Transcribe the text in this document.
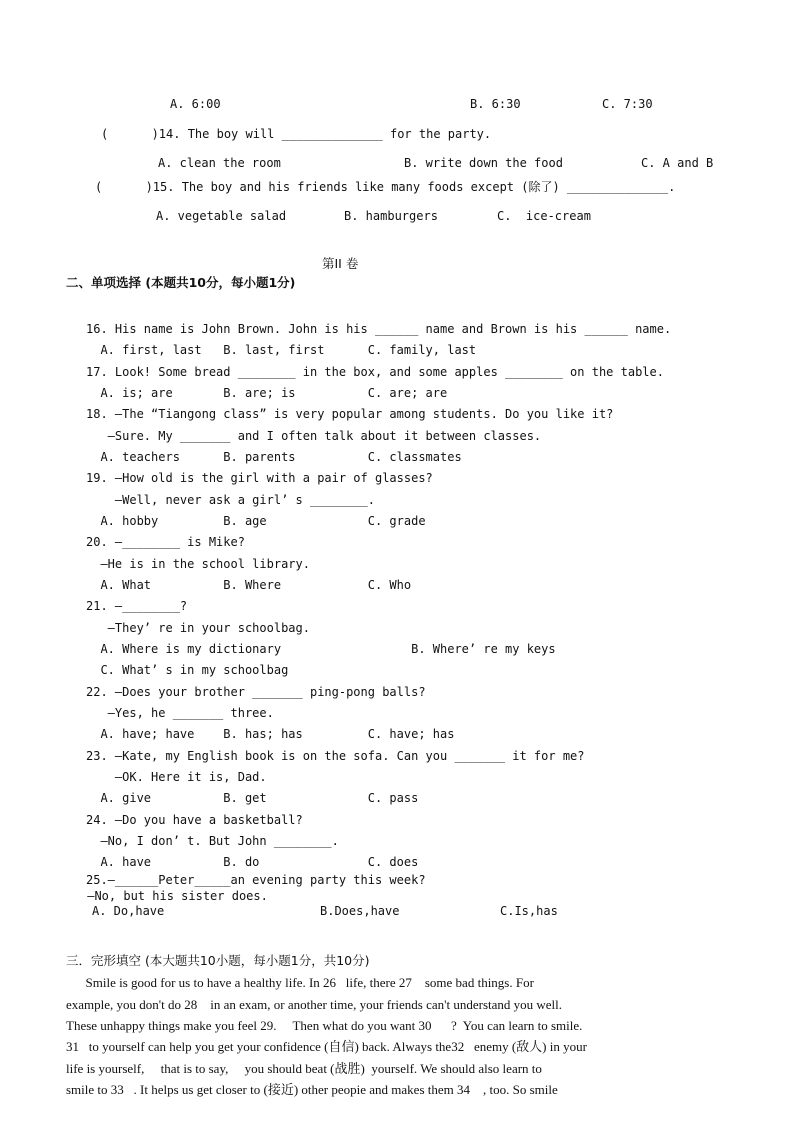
A. 6:00	B. 6:30	C. 7:30
(      )14. The boy will ______________ for the party.
A. clean the room	B. write down the food	C. A and B
(      )15. The boy and his friends like many foods except (除了) ______________.
A. vegetable salad	B. hamburgers	C.  ice-cream
第II 卷
二、单项选择 (本题共10分，每小题1分)
16. His name is John Brown. John is his ______ name and Brown is his ______ name.
A. first, last   B. last, first      C. family, last
17. Look! Some bread ________ in the box, and some apples ________ on the table.
A. is; are       B. are; is          C. are; are
18. —The “Tiangong class” is very popular among students. Do you like it?
—Sure. My _______ and I often talk about it between classes.
A. teachers      B. parents          C. classmates
19. —How old is the girl with a pair of glasses?
—Well, never ask a girl’ s ________.
A. hobby         B. age              C. grade
20. —________ is Mike?
—He is in the school library.
A. What          B. Where            C. Who
21. —________?
—They’ re in your schoolbag.
A. Where is my dictionary                  B. Where’ re my keys
C. What’ s in my schoolbag
22. —Does your brother _______ ping-pong balls?
—Yes, he _______ three.
A. have; have    B. has; has         C. have; has
23. —Kate, my English book is on the sofa. Can you _______ it for me?
—OK. Here it is, Dad.
A. give          B. get              C. pass
24. —Do you have a basketball?
—No, I don’ t. But John ________.
A. have          B. do               C. does
25.—______Peter_____an evening party this week?
—No, but his sister does.
A. Do,have	B.Does,have	C.Is,has
三．完形填空 (本大题共10小题，每小题1分，共10分)
Smile is good for us to have a healthy life. In 26   life, there 27    some bad things. For
example, you don't do 28    in an exam, or another time, your friends can't understand you well.
These unhappy things make you feel 29.     Then what do you want 30      ?  You can learn to smile.
31   to yourself can help you get your confidence (自信) back. Always the32   enemy (敌人) in your
life is yourself,     that is to say,     you should beat (战胜)  yourself. We should also learn to
smile to 33   . It helps us get closer to (接近) other peopie and makes them 34    , too. So smile
